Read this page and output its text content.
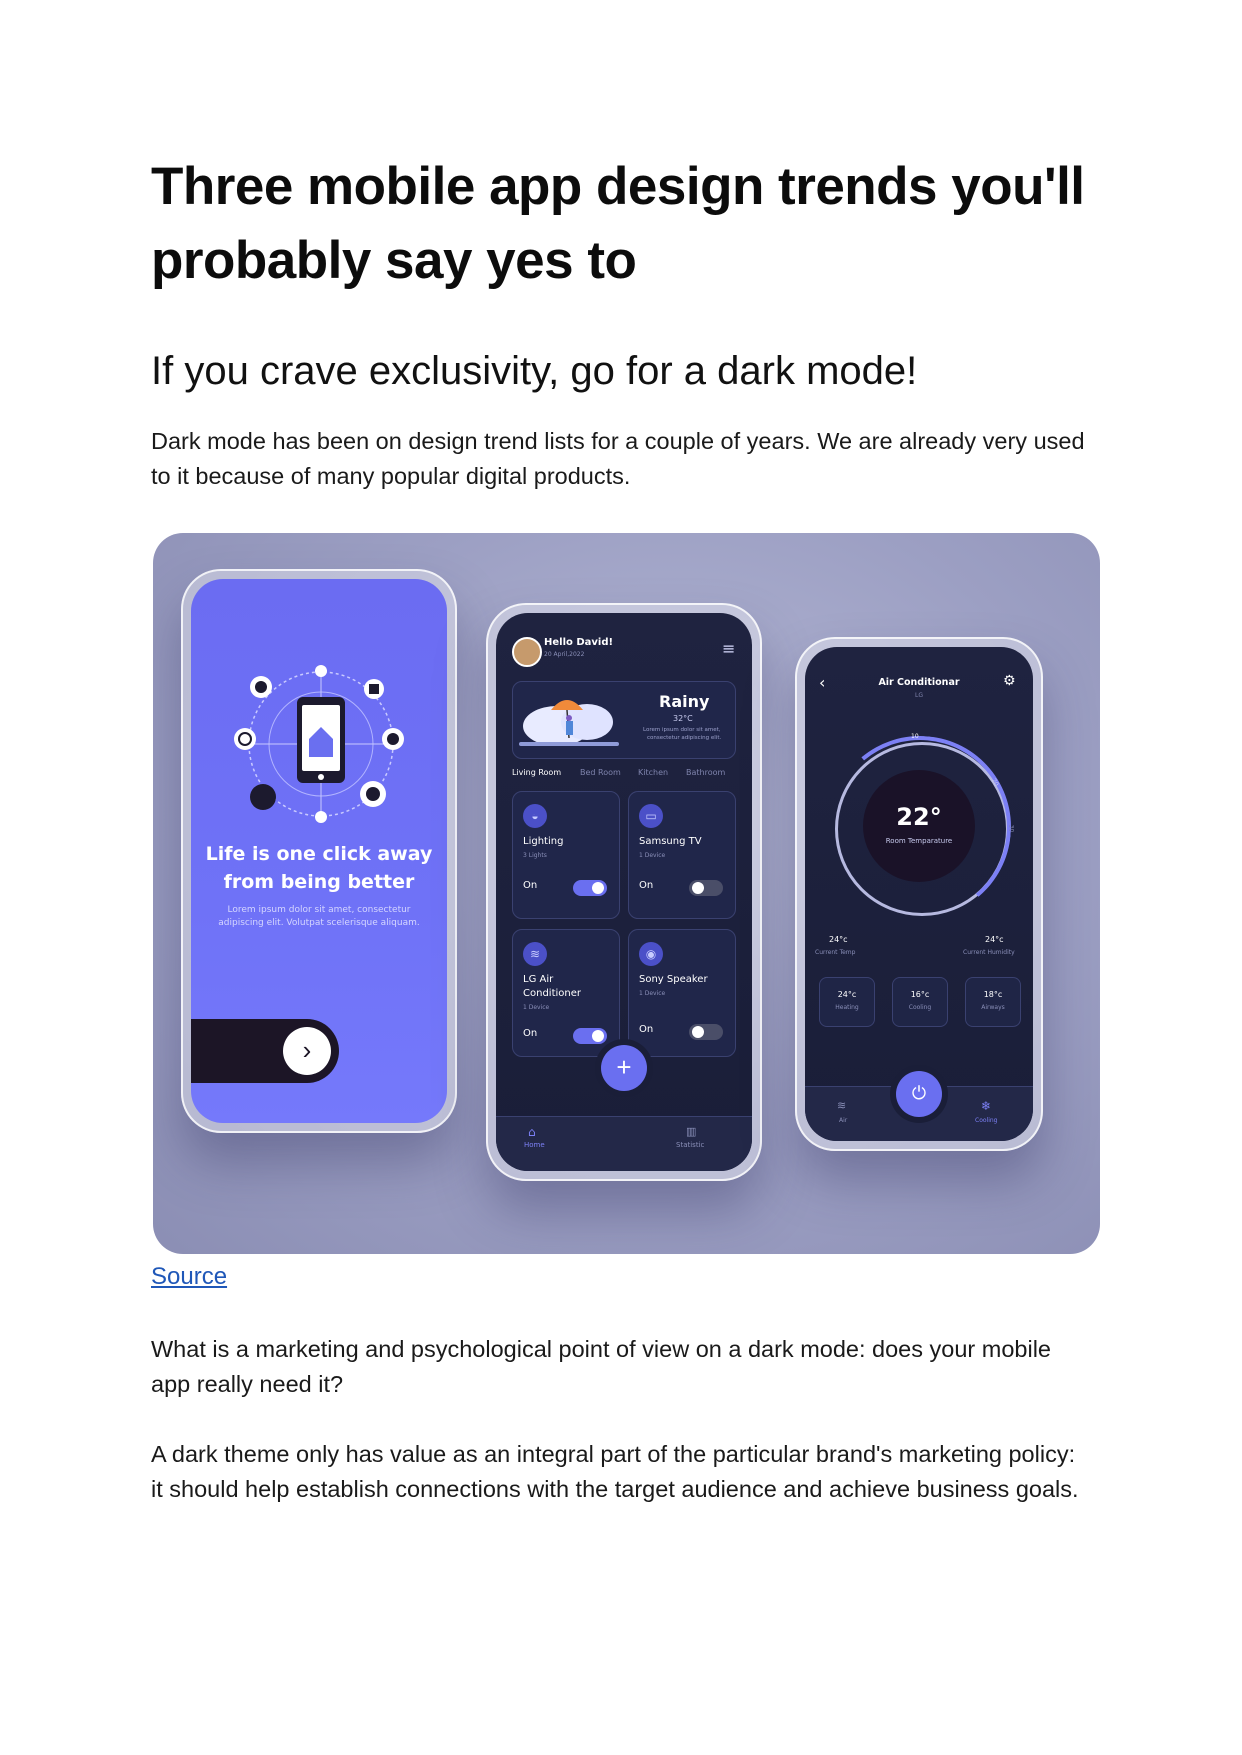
Three mobile app design trends you'll probably say yes to
If you crave exclusivity, go for a dark mode!

Dark mode has been on design trend lists for a couple of years. We are already very used to it because of many popular digital products.

Life is one click away
from being better
Lorem ipsum dolor sit amet, consectetur
adipiscing elit. Volutpat scelerisque aliquam.
›
Hello David!
20 April,2022	≡
Rainy
32°C
Lorem ipsum dolor sit amet,
consectetur adipiscing elit.
Living Room Bed Room Kitchen Bathroom
◒
Lighting
3 Lights
On
▭
Samsung TV
1 Device
On
≋
LG Air
Conditioner
1 Device
On
◉
Sony Speaker
1 Device
On
+
⌂
Home
▥
Statistic
‹	Air Conditionar
LG
⚙
10
20
30
22°
Room Temparature
24°c
Current Temp
24°c
Current Humidity
24°c
Heating
16°c
Cooling
18°c
Airways
⏻
≋
Air
❄
Cooling
Source

What is a marketing and psychological point of view on a dark mode: does your mobile app really need it?

A dark theme only has value as an integral part of the particular brand's marketing policy: it should help establish connections with the target audience and achieve business goals.
